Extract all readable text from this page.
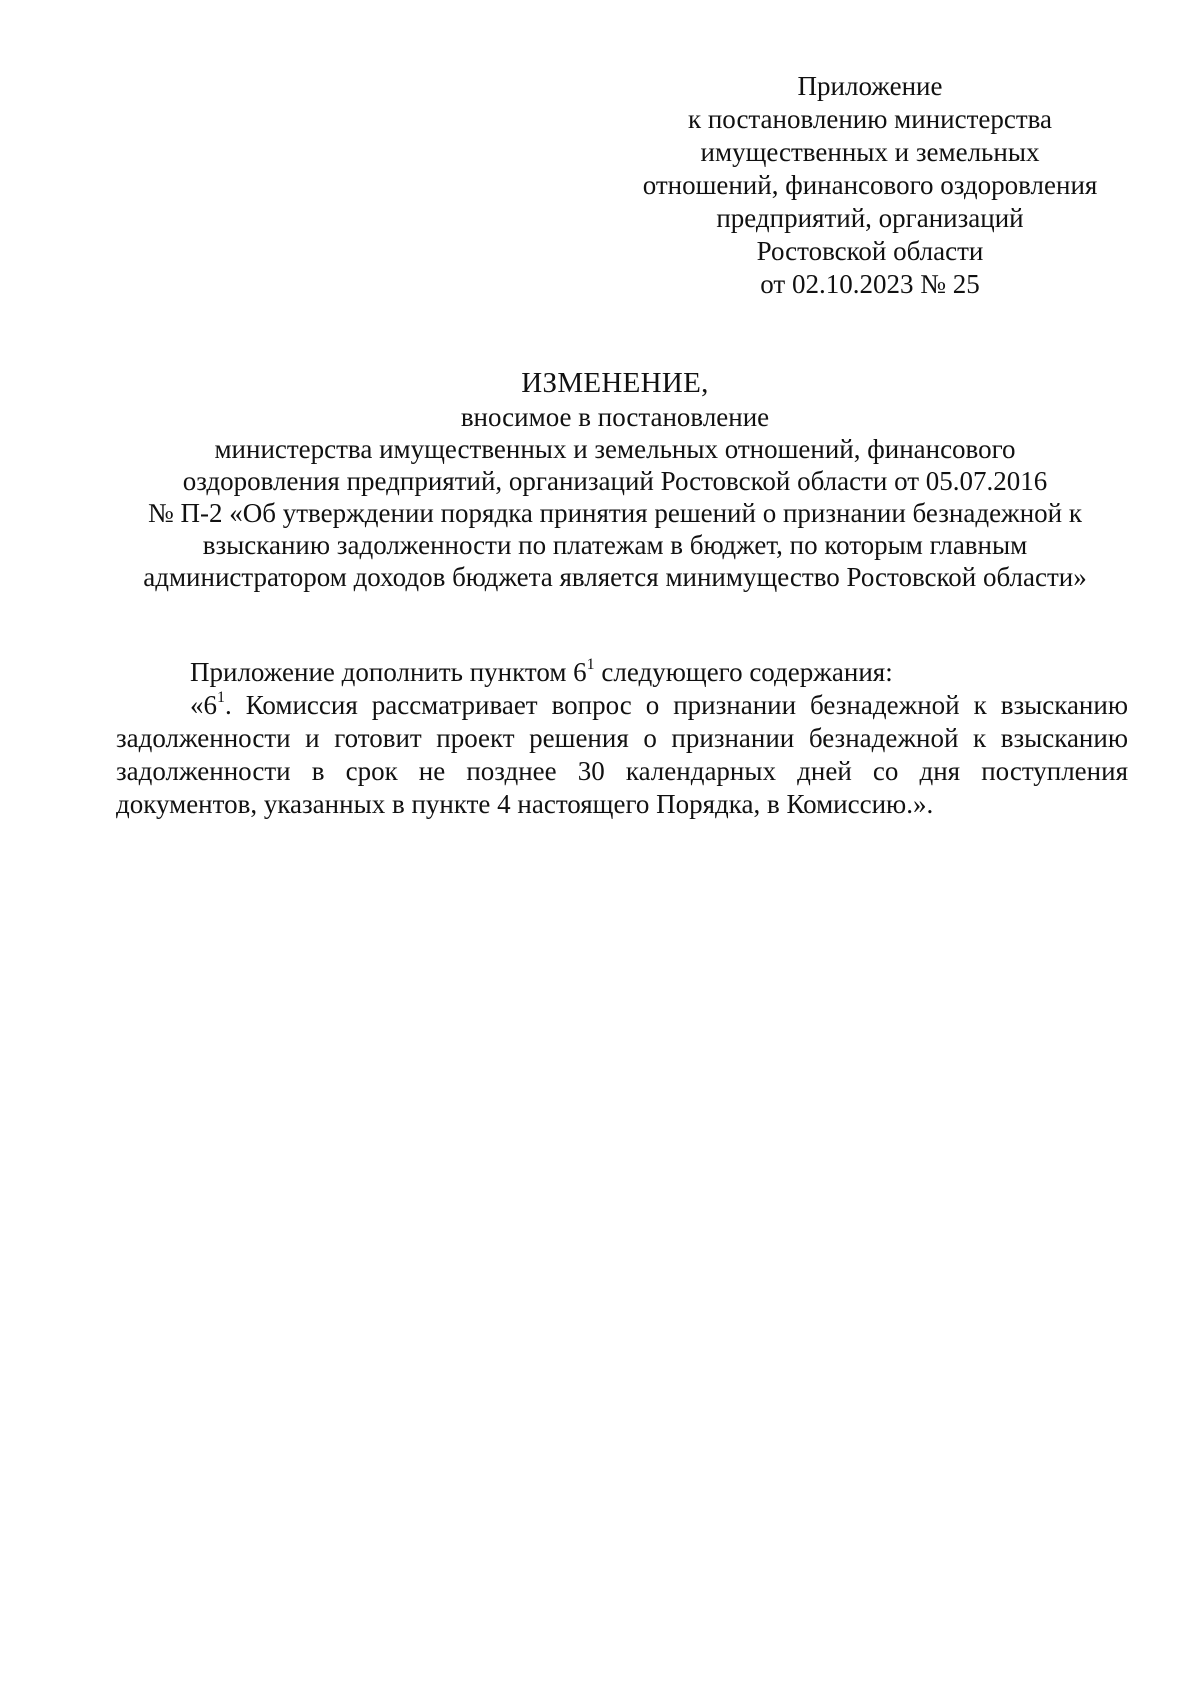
Приложение
к постановлению министерства
имущественных и земельных
отношений, финансового оздоровления
предприятий, организаций
Ростовской области
от 02.10.2023 № 25
ИЗМЕНЕНИЕ,
вносимое в постановление
министерства имущественных и земельных отношений, финансового
оздоровления предприятий, организаций Ростовской области от 05.07.2016
№ П-2 «Об утверждении порядка принятия решений о признании безнадежной к
взысканию задолженности по платежам в бюджет, по которым главным
администратором доходов бюджета является минимущество Ростовской области»
Приложение дополнить пунктом $6^1$ следующего содержания:
«$6^1$. Комиссия рассматривает вопрос о признании безнадежной к взысканию задолженности и готовит проект решения о признании безнадежной к взысканию задолженности в срок не позднее 30 календарных дней со дня поступления документов, указанных в пункте 4 настоящего Порядка, в Комиссию.».
